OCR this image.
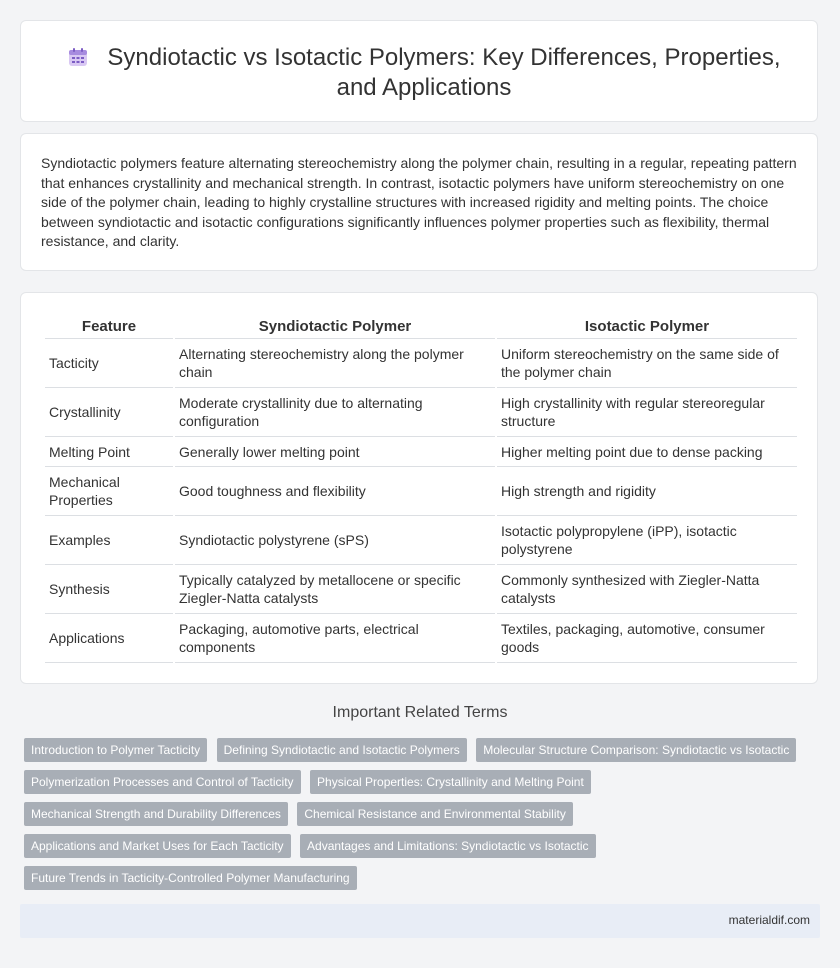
Syndiotactic vs Isotactic Polymers: Key Differences, Properties, and Applications
Syndiotactic polymers feature alternating stereochemistry along the polymer chain, resulting in a regular, repeating pattern that enhances crystallinity and mechanical strength. In contrast, isotactic polymers have uniform stereochemistry on one side of the polymer chain, leading to highly crystalline structures with increased rigidity and melting points. The choice between syndiotactic and isotactic configurations significantly influences polymer properties such as flexibility, thermal resistance, and clarity.
Feature	Syndiotactic Polymer	Isotactic Polymer
Tacticity	Alternating stereochemistry along the polymer chain	Uniform stereochemistry on the same side of the polymer chain
Crystallinity	Moderate crystallinity due to alternating configuration	High crystallinity with regular stereoregular structure
Melting Point	Generally lower melting point	Higher melting point due to dense packing
Mechanical Properties	Good toughness and flexibility	High strength and rigidity
Examples	Syndiotactic polystyrene (sPS)	Isotactic polypropylene (iPP), isotactic polystyrene
Synthesis	Typically catalyzed by metallocene or specific Ziegler-Natta catalysts	Commonly synthesized with Ziegler-Natta catalysts
Applications	Packaging, automotive parts, electrical components	Textiles, packaging, automotive, consumer goods
Important Related Terms
Introduction to Polymer Tacticity Defining Syndiotactic and Isotactic Polymers Molecular Structure Comparison: Syndiotactic vs Isotactic Polymerization Processes and Control of Tacticity Physical Properties: Crystallinity and Melting Point Mechanical Strength and Durability Differences Chemical Resistance and Environmental Stability Applications and Market Uses for Each Tacticity Advantages and Limitations: Syndiotactic vs Isotactic Future Trends in Tacticity-Controlled Polymer Manufacturing
materialdif.com
